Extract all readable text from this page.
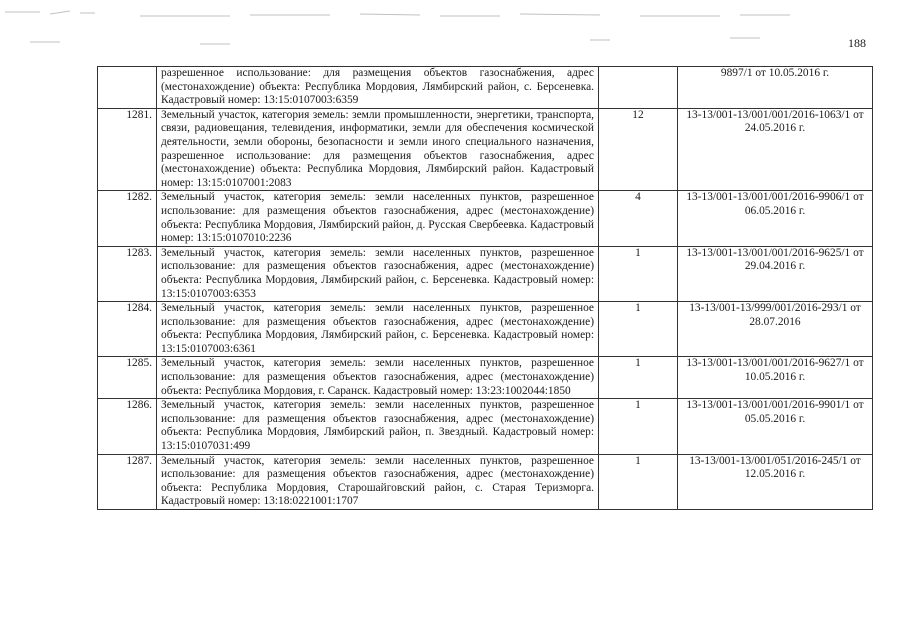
188
	разрешенное использование: для размещения объектов газоснабжения, адрес (местонахождение) объекта: Республика Мордовия, Лямбирский район, с. Берсеневка. Кадастровый номер: 13:15:0107003:6359		9897/1 от 10.05.2016 г.
1281.	Земельный участок, категория земель: земли промышленности, энергетики, транспорта, связи, радиовещания, телевидения, информатики, земли для обеспечения космической деятельности, земли обороны, безопасности и земли иного специального назначения, разрешенное использование: для размещения объектов газоснабжения, адрес (местонахождение) объекта: Республика Мордовия, Лямбирский район. Кадастровый номер: 13:15:0107001:2083	12	13-13/001-13/001/001/2016-1063/1 от 24.05.2016 г.
1282.	Земельный участок, категория земель: земли населенных пунктов, разрешенное использование: для размещения объектов газоснабжения, адрес (местонахождение) объекта: Республика Мордовия, Лямбирский район, д. Русская Свербеевка. Кадастровый номер: 13:15:0107010:2236	4	13-13/001-13/001/001/2016-9906/1 от 06.05.2016 г.
1283.	Земельный участок, категория земель: земли населенных пунктов, разрешенное использование: для размещения объектов газоснабжения, адрес (местонахождение) объекта: Республика Мордовия, Лямбирский район, с. Берсеневка. Кадастровый номер: 13:15:0107003:6353	1	13-13/001-13/001/001/2016-9625/1 от 29.04.2016 г.
1284.	Земельный участок, категория земель: земли населенных пунктов, разрешенное использование: для размещения объектов газоснабжения, адрес (местонахождение) объекта: Республика Мордовия, Лямбирский район, с. Берсеневка. Кадастровый номер: 13:15:0107003:6361	1	13-13/001-13/999/001/2016-293/1 от 28.07.2016
1285.	Земельный участок, категория земель: земли населенных пунктов, разрешенное использование: для размещения объектов газоснабжения, адрес (местонахождение) объекта: Республика Мордовия, г. Саранск. Кадастровый номер: 13:23:1002044:1850	1	13-13/001-13/001/001/2016-9627/1 от 10.05.2016 г.
1286.	Земельный участок, категория земель: земли населенных пунктов, разрешенное использование: для размещения объектов газоснабжения, адрес (местонахождение) объекта: Республика Мордовия, Лямбирский район, п. Звездный. Кадастровый номер: 13:15:0107031:499	1	13-13/001-13/001/001/2016-9901/1 от 05.05.2016 г.
1287.	Земельный участок, категория земель: земли населенных пунктов, разрешенное использование: для размещения объектов газоснабжения, адрес (местонахождение) объекта: Республика Мордовия, Старошайговский район, с. Старая Теризморга. Кадастровый номер: 13:18:0221001:1707	1	13-13/001-13/001/051/2016-245/1 от 12.05.2016 г.
